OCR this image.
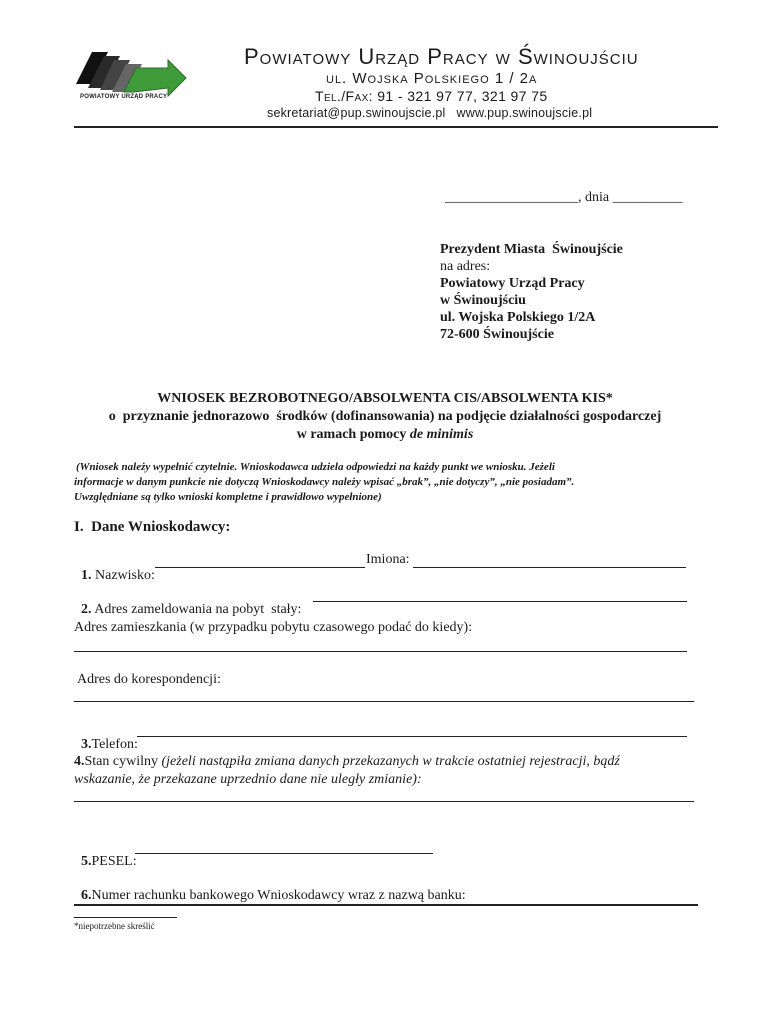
POWIATOWY URZĄD PRACY
Powiatowy Urząd Pracy w Świnoujściu
ul. Wojska Polskiego 1 / 2a
Tel./Fax: 91 - 321 97 77, 321 97 75
sekretariat@pup.swinoujscie.pl   www.pup.swinoujscie.pl

___________________, dnia __________

Prezydent Miasta  Świnoujście
na adres:
Powiatowy Urząd Pracy
w Świnoujściu
ul. Wojska Polskiego 1/2A
72-600 Świnoujście
WNIOSEK BEZROBOTNEGO/ABSOLWENTA CIS/ABSOLWENTA KIS*
o  przyznanie jednorazowo  środków (dofinansowania) na podjęcie działalności gospodarczej
w ramach pomocy de minimis
(Wniosek należy wypełnić czytelnie. Wnioskodawca udziela odpowiedzi na każdy punkt we wniosku. Jeżeli
informacje w danym punkcie nie dotyczą Wnioskodawcy należy wpisać „brak”, „nie dotyczy”, „nie posiadam”.
Uwzględniane są tylko wnioski kompletne i prawidłowo wypełnione)
I.  Dane Wnioskodawcy:

1. Nazwisko:

Imiona:

2. Adres zameldowania na pobyt  stały:

Adres zamieszkania (w przypadku pobytu czasowego podać do kiedy):
Adres do korespondencji:

3.Telefon:

4.Stan cywilny (jeżeli nastąpiła zmiana danych przekazanych w trakcie ostatniej rejestracji, bądź
wskazanie, że przekazane uprzednio dane nie uległy zmianie):

5.PESEL:

6.Numer rachunku bankowego Wnioskodawcy wraz z nazwą banku:

*niepotrzebne skreślić
